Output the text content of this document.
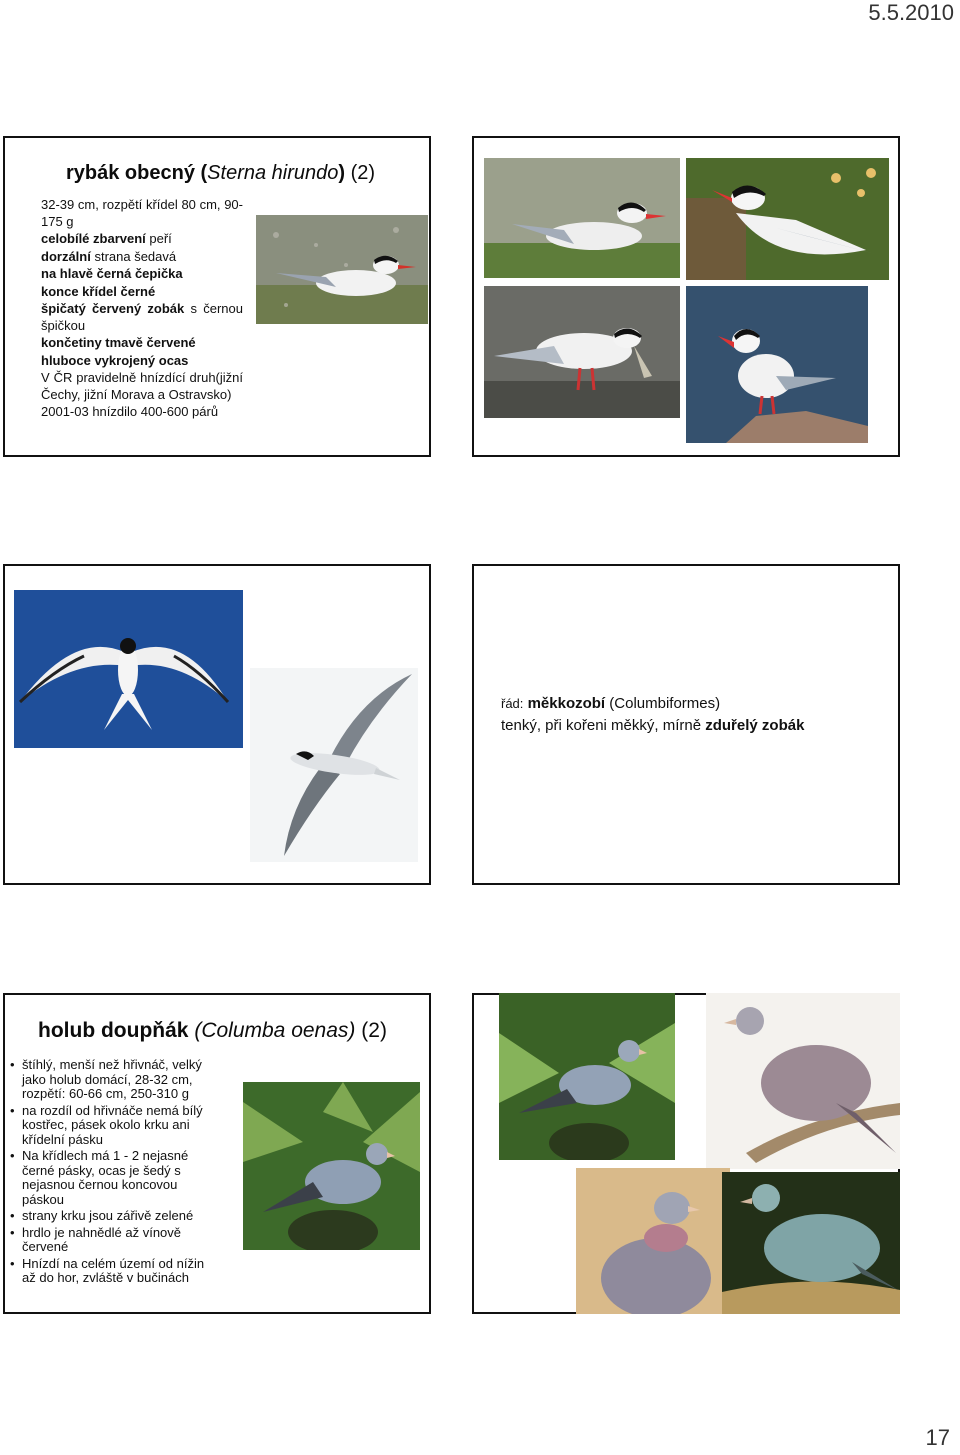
5.5.2010
rybák obecný (Sterna hirundo) (2)
32-39 cm, rozpětí křídel 80 cm, 90-175 g
celobílé zbarvení peří
dorzální strana šedavá
na hlavě černá čepička
konce křídel černé
špičatý červený zobák s černou špičkou
končetiny tmavě červené
hluboce vykrojený ocas
V ČR pravidelně hnízdící druh(jižní Čechy, jižní Morava a Ostravsko)
2001-03 hnízdilo 400-600 párů
řád: měkkozobí (Columbiformes)
tenký, při kořeni měkký, mírně zduřelý zobák
holub doupňák (Columba oenas) (2)
• štíhlý, menší než hřivnáč, velký
jako holub domácí, 28-32 cm,
rozpětí: 60-66 cm, 250-310 g
• na rozdíl od hřivnáče nemá bílý
kostřec, pásek okolo krku ani
křídelní pásku
• Na křídlech má 1 - 2 nejasné
černé pásky, ocas je šedý s
nejasnou černou koncovou
páskou
• strany krku jsou zářivě zelené
• hrdlo je nahnědlé až vínově
červené
• Hnízdí na celém území od nížin
až do hor, zvláště v bučinách
17
